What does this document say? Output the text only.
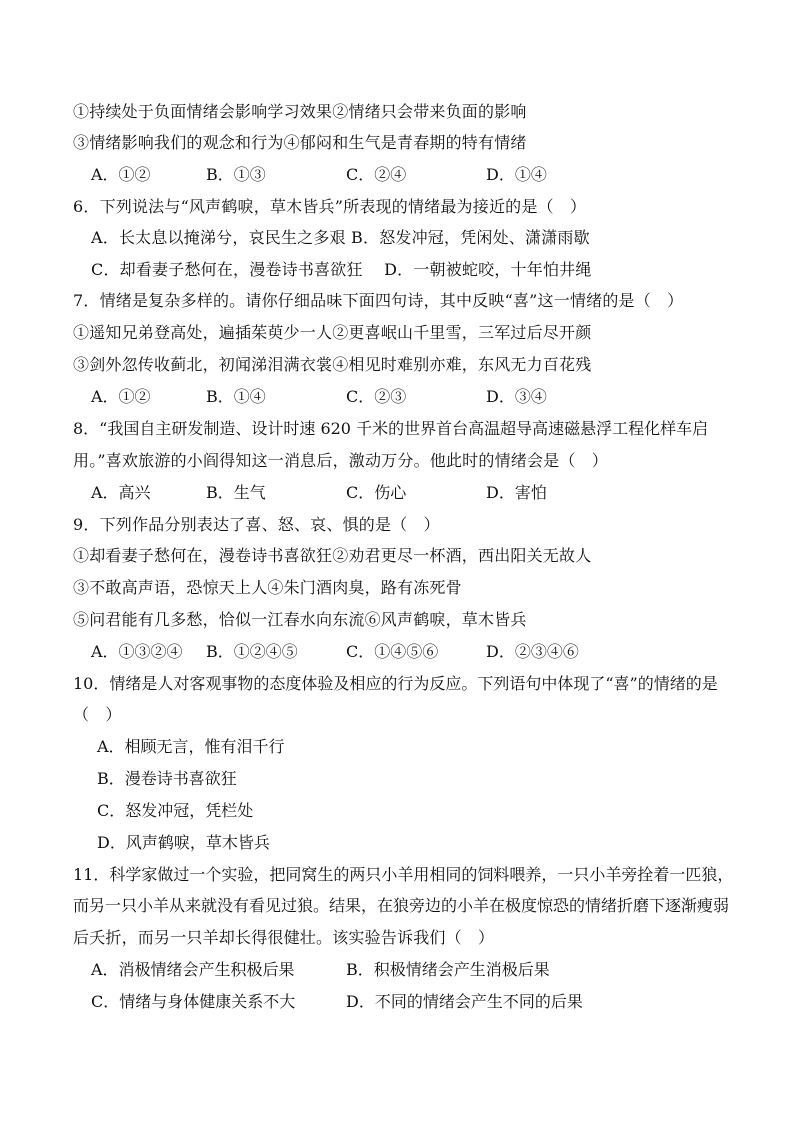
①持续处于负面情绪会影响学习效果②情绪只会带来负面的影响
③情绪影响我们的观念和行为④郁闷和生气是青春期的特有情绪
A．①②	B．①③	C．②④	D．①④
6．下列说法与“风声鹤唳，草木皆兵”所表现的情绪最为接近的是（　）
A．长太息以掩涕兮，哀民生之多艰 B．怒发冲冠，凭闲处、潇潇雨歇
C．却看妻子愁何在，漫卷诗书喜欲狂　 D．一朝被蛇咬，十年怕井绳
7．情绪是复杂多样的。请你仔细品味下面四句诗，其中反映“喜”这一情绪的是（　）
①遥知兄弟登高处，遍插茱萸少一人②更喜岷山千里雪，三军过后尽开颜
③剑外忽传收蓟北，初闻涕泪满衣裳④相见时难别亦难，东风无力百花残
A．①②	B．①④	C．②③	D．③④
8．“我国自主研发制造、设计时速 620 千米的世界首台高温超导高速磁悬浮工程化样车启
用。”喜欢旅游的小阎得知这一消息后，激动万分。他此时的情绪会是（　）
A．高兴	B．生气	C．伤心	D．害怕
9．下列作品分别表达了喜、怒、哀、惧的是（　）
①却看妻子愁何在，漫卷诗书喜欲狂②劝君更尽一杯酒，西出阳关无故人
③不敢高声语，恐惊天上人④朱门酒肉臭，路有冻死骨
⑤问君能有几多愁，恰似一江春水向东流⑥风声鹤唳，草木皆兵
A．①③②④ B．①②④⑤	C．①④⑤⑥	D．②③④⑥
10．情绪是人对客观事物的态度体验及相应的行为反应。下列语句中体现了“喜”的情绪的是
（　）
A．相顾无言，惟有泪千行
B．漫卷诗书喜欲狂
C．怒发冲冠，凭栏处
D．风声鹤唳，草木皆兵
11．科学家做过一个实验，把同窝生的两只小羊用相同的饲料喂养，一只小羊旁拴着一匹狼，
而另一只小羊从来就没有看见过狼。结果，在狼旁边的小羊在极度惊恐的情绪折磨下逐渐瘦弱
后夭折，而另一只羊却长得很健壮。该实验告诉我们（　）
A．消极情绪会产生积极后果	B．积极情绪会产生消极后果
C．情绪与身体健康关系不大	D．不同的情绪会产生不同的后果
